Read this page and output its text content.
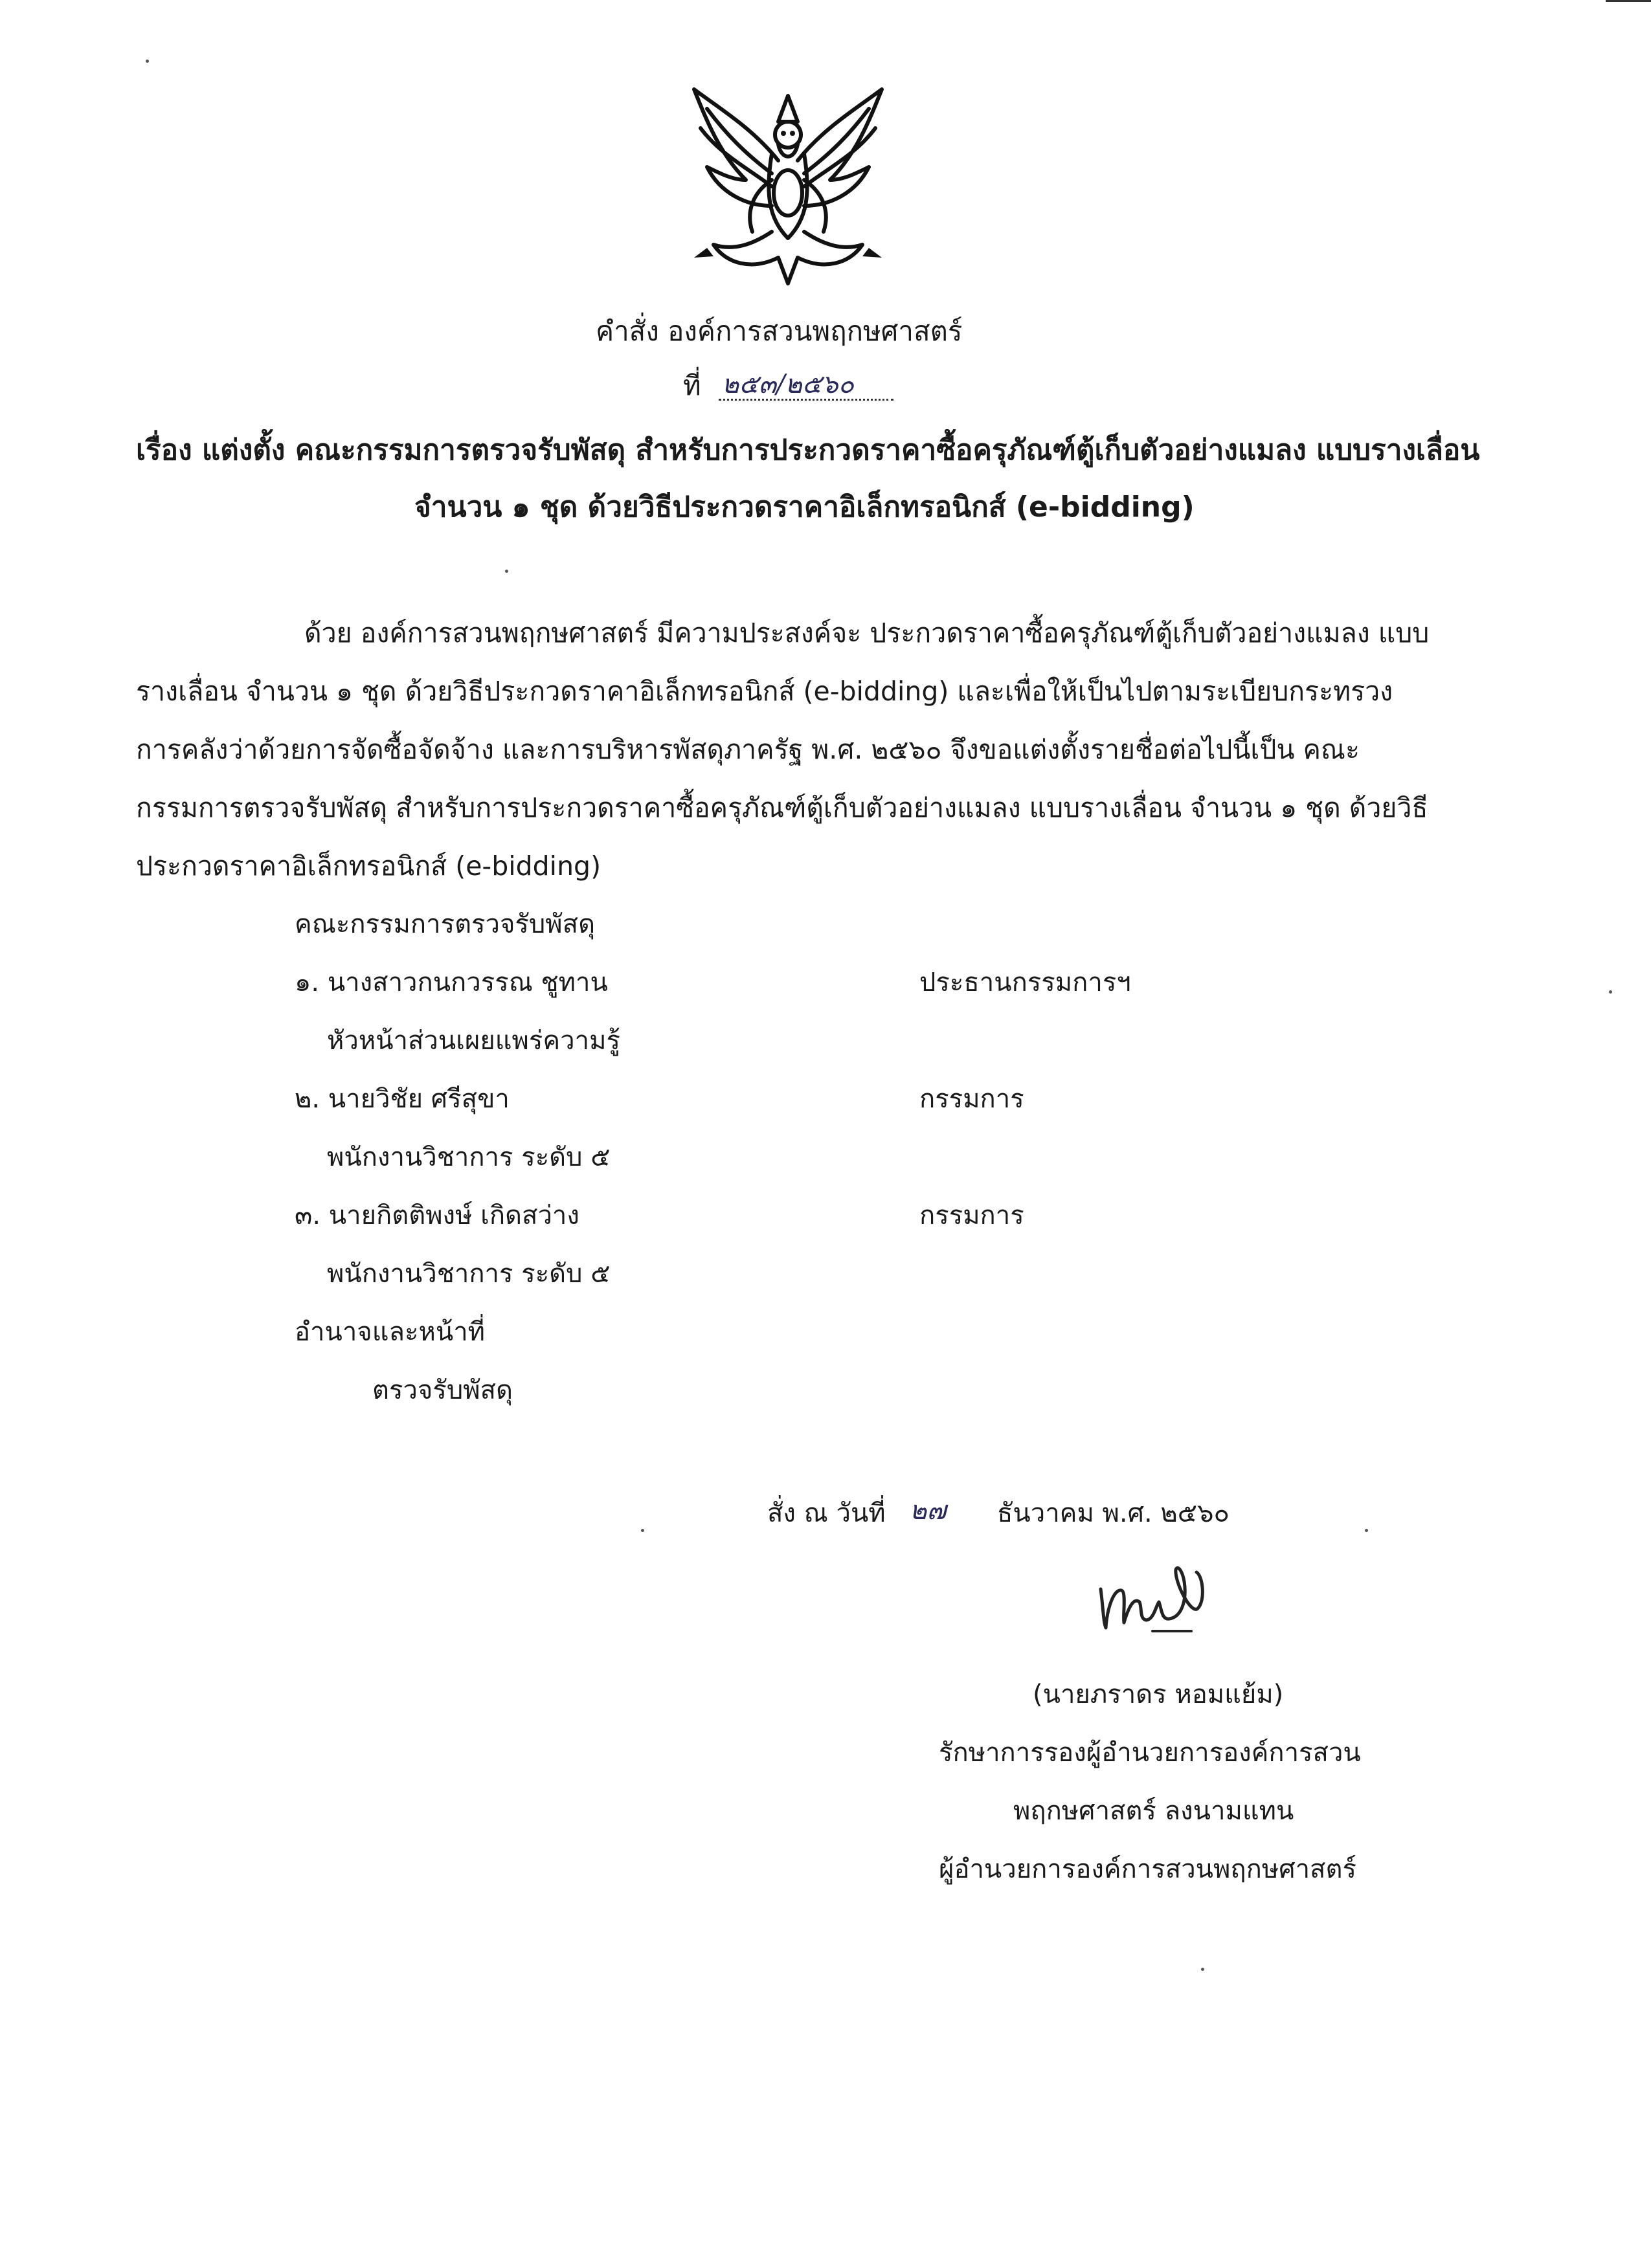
คำสั่ง องค์การสวนพฤกษศาสตร์
ที่ ๒๕๓/๒๕๖๐
เรื่อง แต่งตั้ง คณะกรรมการตรวจรับพัสดุ สำหรับการประกวดราคาซื้อครุภัณฑ์ตู้เก็บตัวอย่างแมลง แบบรางเลื่อน
จำนวน ๑ ชุด ด้วยวิธีประกวดราคาอิเล็กทรอนิกส์ (e-bidding)
ด้วย องค์การสวนพฤกษศาสตร์ มีความประสงค์จะ ประกวดราคาซื้อครุภัณฑ์ตู้เก็บตัวอย่างแมลง แบบ
รางเลื่อน จำนวน ๑ ชุด ด้วยวิธีประกวดราคาอิเล็กทรอนิกส์ (e-bidding) และเพื่อให้เป็นไปตามระเบียบกระทรวง
การคลังว่าด้วยการจัดซื้อจัดจ้าง และการบริหารพัสดุภาครัฐ พ.ศ. ๒๕๖๐ จึงขอแต่งตั้งรายชื่อต่อไปนี้เป็น คณะ
กรรมการตรวจรับพัสดุ สำหรับการประกวดราคาซื้อครุภัณฑ์ตู้เก็บตัวอย่างแมลง แบบรางเลื่อน จำนวน ๑ ชุด ด้วยวิธี
ประกวดราคาอิเล็กทรอนิกส์ (e-bidding)
คณะกรรมการตรวจรับพัสดุ
๑. นางสาวกนกวรรณ ชูทาน	ประธานกรรมการฯ
หัวหน้าส่วนเผยแพร่ความรู้
๒. นายวิชัย ศรีสุขา	กรรมการ
พนักงานวิชาการ ระดับ ๕
๓. นายกิตติพงษ์ เกิดสว่าง	กรรมการ
พนักงานวิชาการ ระดับ ๕
อำนาจและหน้าที่
ตรวจรับพัสดุ
สั่ง ณ วันที่ ๒๗ ธันวาคม พ.ศ. ๒๕๖๐
(นายภราดร หอมแย้ม)
รักษาการรองผู้อำนวยการองค์การสวน
พฤกษศาสตร์ ลงนามแทน
ผู้อำนวยการองค์การสวนพฤกษศาสตร์
